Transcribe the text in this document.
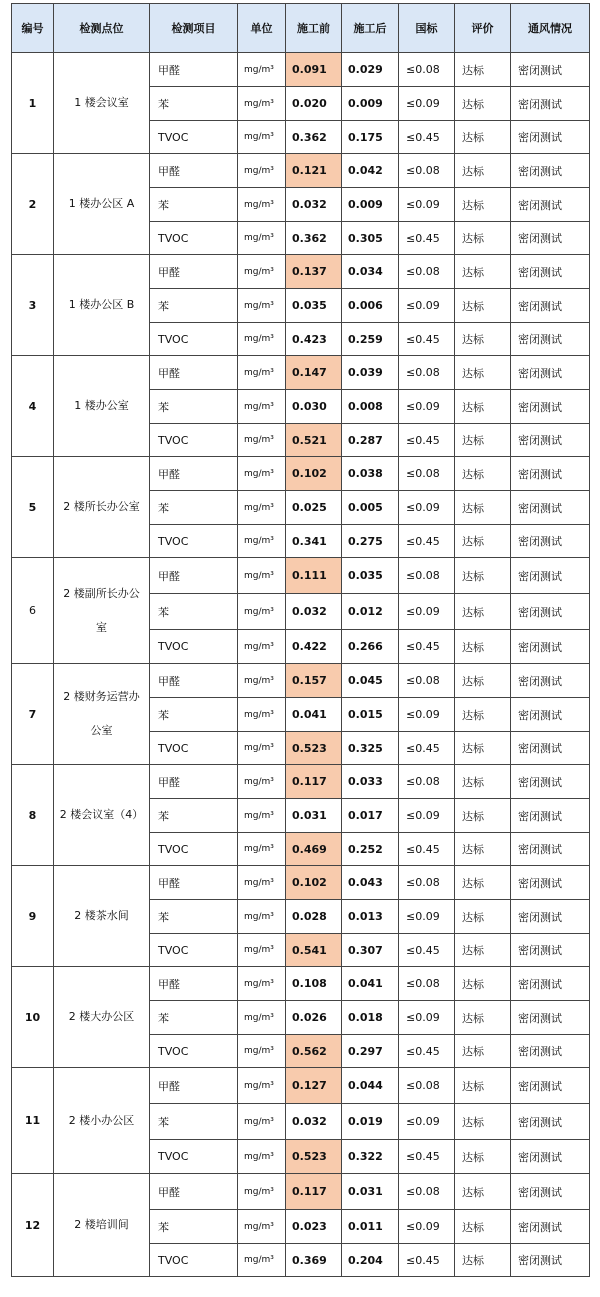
编号	检测点位	检测项目	单位	施工前	施工后	国标	评价	通风情况
1	1 楼会议室	甲醛	mg/m³	0.091	0.029	≤0.08	达标	密闭测试
		苯	mg/m³	0.020	0.009	≤0.09	达标	密闭测试
		TVOC	mg/m³	0.362	0.175	≤0.45	达标	密闭测试
2	1 楼办公区 A	甲醛	mg/m³	0.121	0.042	≤0.08	达标	密闭测试
		苯	mg/m³	0.032	0.009	≤0.09	达标	密闭测试
		TVOC	mg/m³	0.362	0.305	≤0.45	达标	密闭测试
3	1 楼办公区 B	甲醛	mg/m³	0.137	0.034	≤0.08	达标	密闭测试
		苯	mg/m³	0.035	0.006	≤0.09	达标	密闭测试
		TVOC	mg/m³	0.423	0.259	≤0.45	达标	密闭测试
4	1 楼办公室	甲醛	mg/m³	0.147	0.039	≤0.08	达标	密闭测试
		苯	mg/m³	0.030	0.008	≤0.09	达标	密闭测试
		TVOC	mg/m³	0.521	0.287	≤0.45	达标	密闭测试
5	2 楼所长办公室	甲醛	mg/m³	0.102	0.038	≤0.08	达标	密闭测试
		苯	mg/m³	0.025	0.005	≤0.09	达标	密闭测试
		TVOC	mg/m³	0.341	0.275	≤0.45	达标	密闭测试
6	2 楼副所长办公室	甲醛	mg/m³	0.111	0.035	≤0.08	达标	密闭测试
		苯	mg/m³	0.032	0.012	≤0.09	达标	密闭测试
		TVOC	mg/m³	0.422	0.266	≤0.45	达标	密闭测试
7	2 楼财务运营办公室	甲醛	mg/m³	0.157	0.045	≤0.08	达标	密闭测试
		苯	mg/m³	0.041	0.015	≤0.09	达标	密闭测试
		TVOC	mg/m³	0.523	0.325	≤0.45	达标	密闭测试
8	2 楼会议室（4）	甲醛	mg/m³	0.117	0.033	≤0.08	达标	密闭测试
		苯	mg/m³	0.031	0.017	≤0.09	达标	密闭测试
		TVOC	mg/m³	0.469	0.252	≤0.45	达标	密闭测试
9	2 楼茶水间	甲醛	mg/m³	0.102	0.043	≤0.08	达标	密闭测试
		苯	mg/m³	0.028	0.013	≤0.09	达标	密闭测试
		TVOC	mg/m³	0.541	0.307	≤0.45	达标	密闭测试
10	2 楼大办公区	甲醛	mg/m³	0.108	0.041	≤0.08	达标	密闭测试
		苯	mg/m³	0.026	0.018	≤0.09	达标	密闭测试
		TVOC	mg/m³	0.562	0.297	≤0.45	达标	密闭测试
11	2 楼小办公区	甲醛	mg/m³	0.127	0.044	≤0.08	达标	密闭测试
		苯	mg/m³	0.032	0.019	≤0.09	达标	密闭测试
		TVOC	mg/m³	0.523	0.322	≤0.45	达标	密闭测试
12	2 楼培训间	甲醛	mg/m³	0.117	0.031	≤0.08	达标	密闭测试
		苯	mg/m³	0.023	0.011	≤0.09	达标	密闭测试
		TVOC	mg/m³	0.369	0.204	≤0.45	达标	密闭测试
